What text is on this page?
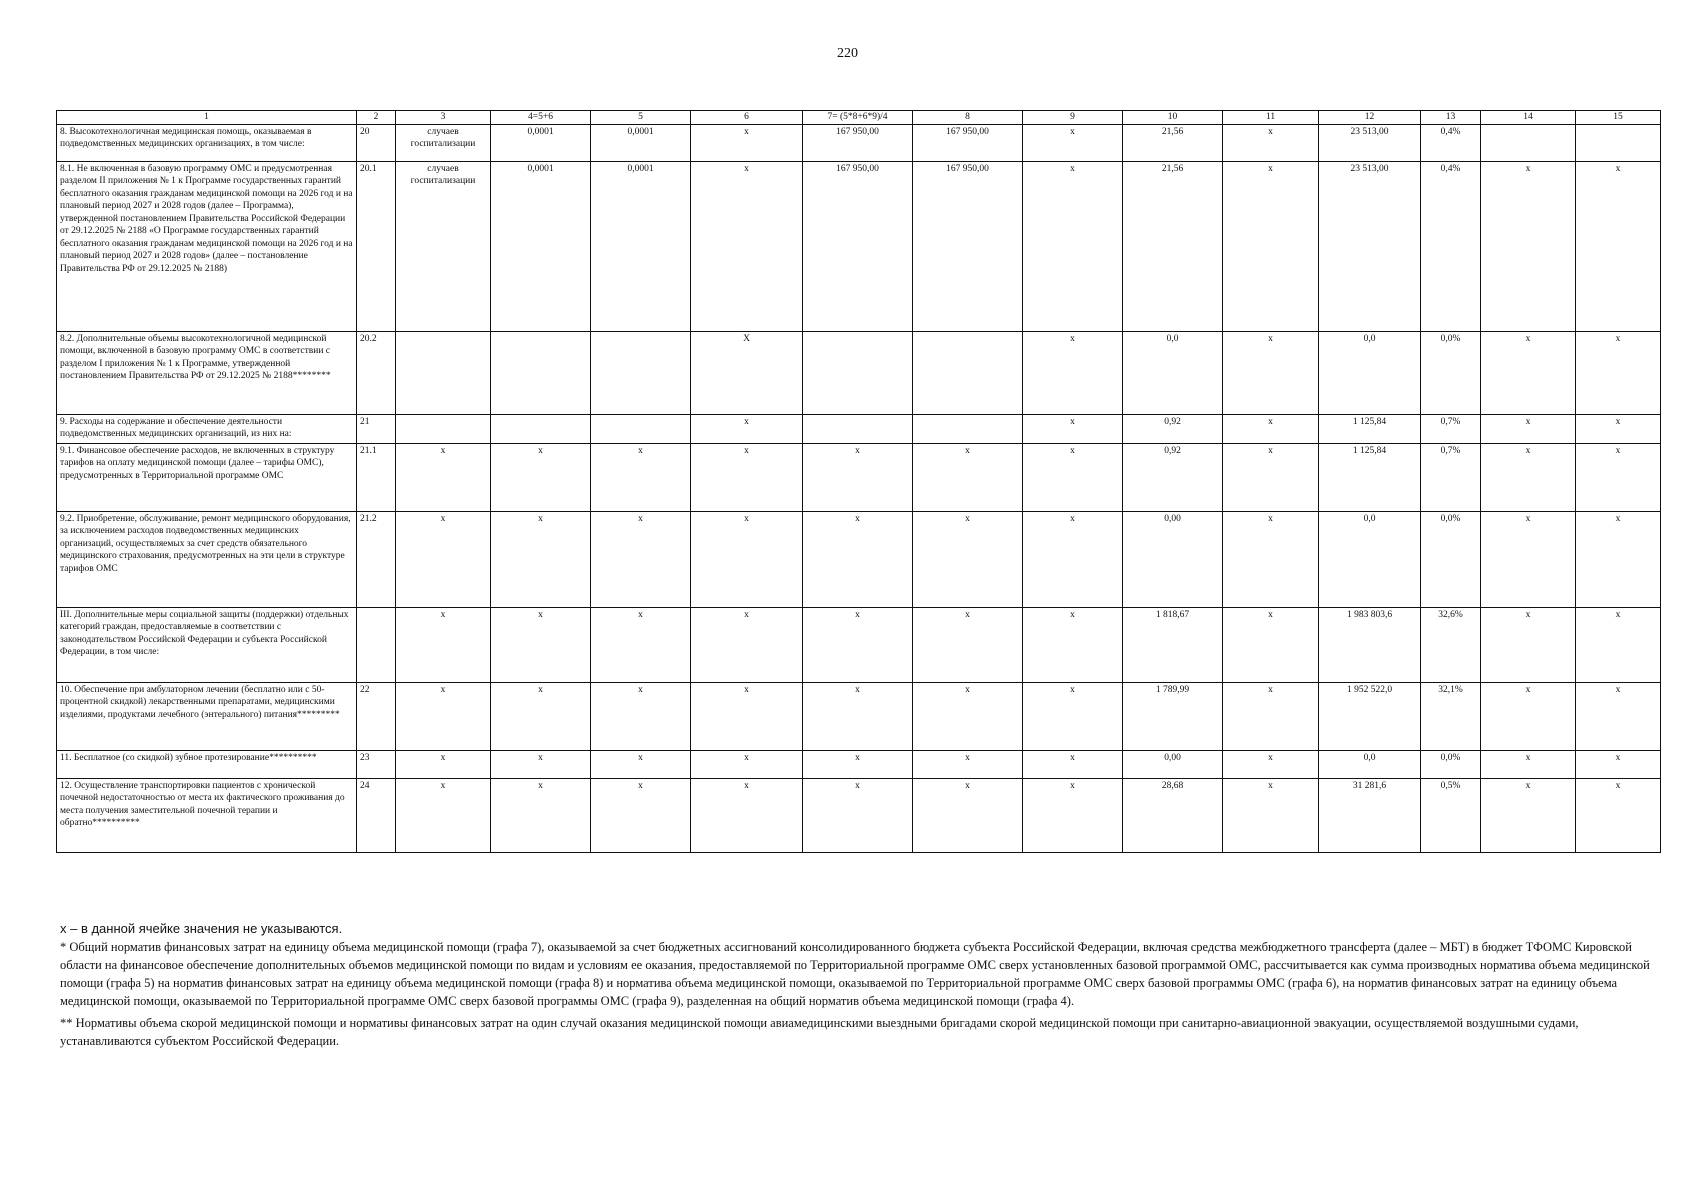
220
1	2	3	4=5+6	5	6	7= (5*8+6*9)/4	8	9	10	11	12	13	14	15
8. Высокотехнологичная медицинская помощь, оказываемая в подведомственных медицинских организациях, в том числе:	20	случаев госпитализации	0,0001	0,0001	x	167 950,00	167 950,00	x	21,56	x	23 513,00	0,4%		
8.1. Не включенная в базовую программу ОМС и предусмотренная разделом II приложения № 1 к Программе государственных гарантий бесплатного оказания гражданам медицинской помощи на 2026 год и на плановый период 2027 и 2028 годов (далее – Программа), утвержденной постановлением Правительства Российской Федерации от 29.12.2025 № 2188 «О Программе государственных гарантий бесплатного оказания гражданам медицинской помощи на 2026 год и на плановый период 2027 и 2028 годов» (далее – постановление Правительства РФ от 29.12.2025 № 2188)	20.1	случаев госпитализации	0,0001	0,0001	x	167 950,00	167 950,00	x	21,56	x	23 513,00	0,4%	x	x
8.2. Дополнительные объемы высокотехнологичной медицинской помощи, включенной в базовую программу ОМС в соответствии с разделом I приложения № 1 к Программе, утвержденной постановлением Правительства РФ от 29.12.2025 № 2188********	20.2				X			x	0,0	x	0,0	0,0%	x	x
9. Расходы на содержание и обеспечение деятельности подведомственных медицинских организаций, из них на:	21				x			x	0,92	x	1 125,84	0,7%	x	x
9.1. Финансовое обеспечение расходов, не включенных в структуру тарифов на оплату медицинской помощи (далее – тарифы ОМС), предусмотренных в Территориальной программе ОМС	21.1	x	x	x	x	x	x	x	0,92	x	1 125,84	0,7%	x	x
9.2. Приобретение, обслуживание, ремонт медицинского оборудования, за исключением расходов подведомственных медицинских организаций, осуществляемых за счет средств обязательного медицинского страхования, предусмотренных на эти цели в структуре тарифов ОМС	21.2	x	x	x	x	x	x	x	0,00	x	0,0	0,0%	x	x
III. Дополнительные меры социальной защиты (поддержки) отдельных категорий граждан, предоставляемые в соответствии с законодательством Российской Федерации и субъекта Российской Федерации, в том числе:		x	x	x	x	x	x	x	1 818,67	x	1 983 803,6	32,6%	x	x
10. Обеспечение при амбулаторном лечении (бесплатно или с 50-процентной скидкой) лекарственными препаратами, медицинскими изделиями, продуктами лечебного (энтерального) питания*********	22	x	x	x	x	x	x	x	1 789,99	x	1 952 522,0	32,1%	x	x
11. Бесплатное (со скидкой) зубное протезирование**********	23	x	x	x	x	x	x	x	0,00	x	0,0	0,0%	x	x
12. Осуществление транспортировки пациентов с хронической почечной недостаточностью от места их фактического проживания до места получения заместительной почечной терапии и обратно**********	24	x	x	x	x	x	x	x	28,68	x	31 281,6	0,5%	x	x

х – в данной ячейке значения не указываются.

* Общий норматив финансовых затрат на единицу объема медицинской помощи (графа 7), оказываемой за счет бюджетных ассигнований консолидированного бюджета субъекта Российской Федерации, включая средства межбюджетного трансферта (далее – МБТ) в бюджет ТФОМС Кировской области на финансовое обеспечение дополнительных объемов медицинской помощи по видам и условиям ее оказания, предоставляемой по Территориальной программе ОМС сверх установленных базовой программой ОМС, рассчитывается как сумма производных норматива объема медицинской помощи (графа 5) на норматив финансовых затрат на единицу объема медицинской помощи (графа 8) и норматива объема медицинской помощи, оказываемой по Территориальной программе ОМС сверх базовой программы ОМС (графа 6), на норматив финансовых затрат на единицу объема медицинской помощи, оказываемой по Территориальной программе ОМС сверх базовой программы ОМС (графа 9), разделенная на общий норматив объема медицинской помощи (графа 4).

** Нормативы объема скорой медицинской помощи и нормативы финансовых затрат на один случай оказания медицинской помощи авиамедицинскими выездными бригадами скорой медицинской помощи при санитарно-авиационной эвакуации, осуществляемой воздушными судами, устанавливаются субъектом Российской Федерации.
